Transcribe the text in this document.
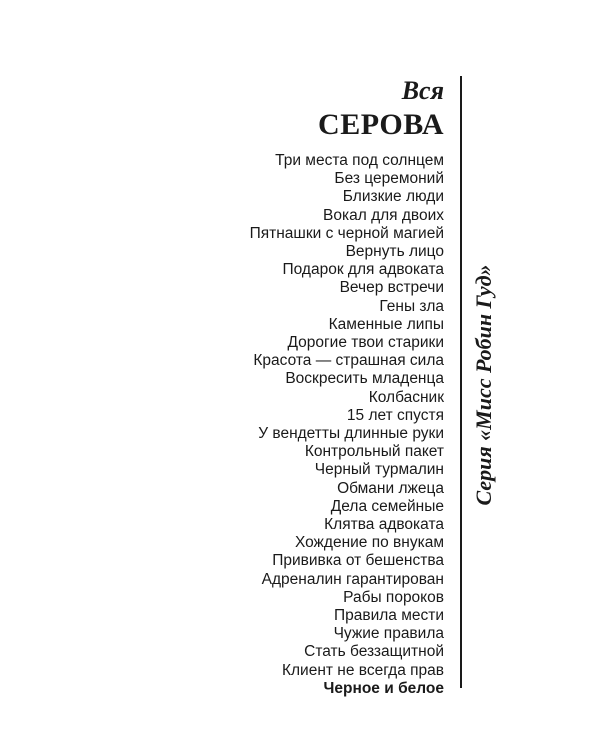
Вся
СЕРОВА
Три места под солнцем
Без церемоний
Близкие люди
Вокал для двоих
Пятнашки с черной магией
Вернуть лицо
Подарок для адвоката
Вечер встречи
Гены зла
Каменные липы
Дорогие твои старики
Красота — страшная сила
Воскресить младенца
Колбасник
15 лет спустя
У вендетты длинные руки
Контрольный пакет
Черный турмалин
Обмани лжеца
Дела семейные
Клятва адвоката
Хождение по внукам
Прививка от бешенства
Адреналин гарантирован
Рабы пороков
Правила мести
Чужие правила
Стать беззащитной
Клиент не всегда прав
Черное и белое
Серия «Мисс Робин Гуд»
